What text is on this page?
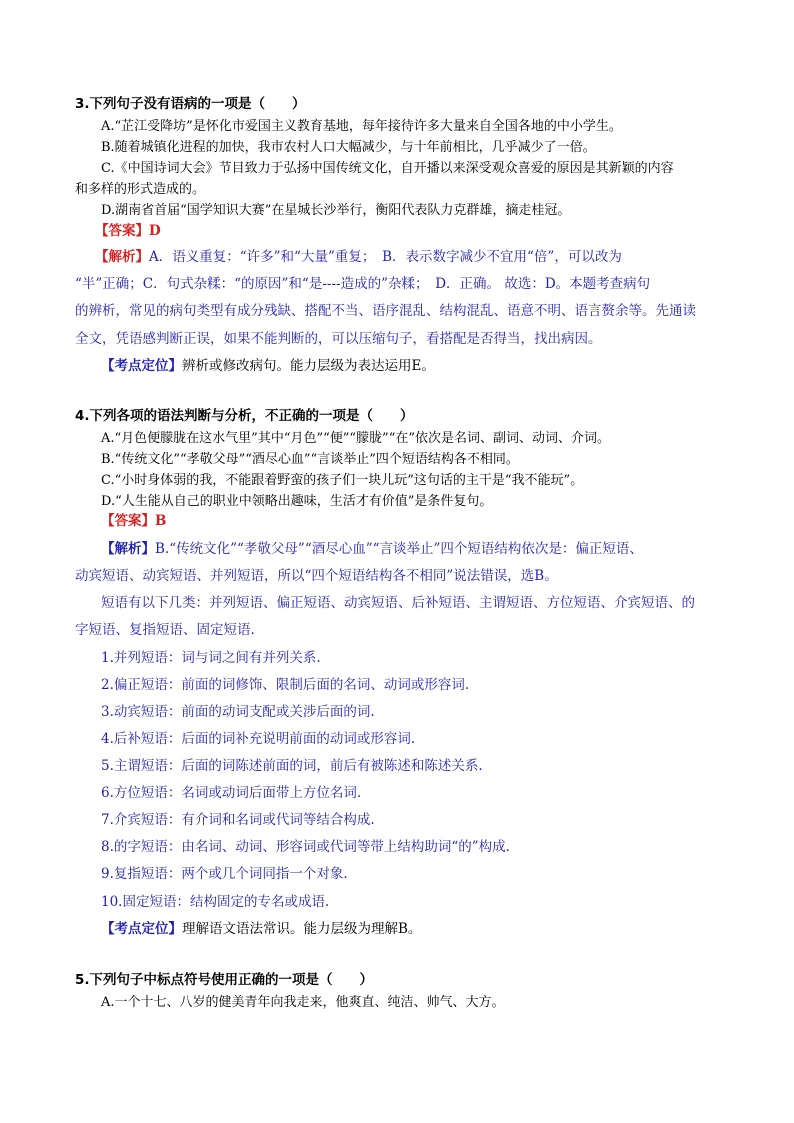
3.下列句子没有语病的一项是（　　）
A.“芷江受降坊”是怀化市爱国主义教育基地，每年接待许多大量来自全国各地的中小学生。
B.随着城镇化进程的加快，我市农村人口大幅减少，与十年前相比，几乎减少了一倍。
C.《中国诗词大会》节目致力于弘扬中国传统文化，自开播以来深受观众喜爱的原因是其新颖的内容
和多样的形式造成的。
D.湖南省首届“国学知识大赛”在星城长沙举行，衡阳代表队力克群雄，摘走桂冠。
【答案】D
【解析】A．语义重复：“许多”和“大量”重复；　B．表示数字减少不宜用“倍”，可以改为
“半”正确；C．句式杂糅：“的原因”和“是----造成的”杂糅；　D．正确。 故选：D。本题考查病句
的辨析，常见的病句类型有成分残缺、搭配不当、语序混乱、结构混乱、语意不明、语言赘余等。先通读
全文，凭语感判断正误，如果不能判断的，可以压缩句子，看搭配是否得当，找出病因。
【考点定位】辨析或修改病句。能力层级为表达运用E。
4.下列各项的语法判断与分析，不正确的一项是（　　）
A.“月色便朦胧在这水气里”其中“月色”“便”“朦胧”“在”依次是名词、副词、动词、介词。
B.“传统文化”“孝敬父母”“酒尽心血”“言谈举止”四个短语结构各不相同。
C.“小时身体弱的我，不能跟着野蛮的孩子们一块儿玩”这句话的主干是“我不能玩”。
D.“人生能从自己的职业中领略出趣味，生活才有价值”是条件复句。
【答案】B
【解析】B.“传统文化”“孝敬父母”“酒尽心血”“言谈举止”四个短语结构依次是：偏正短语、
动宾短语、动宾短语、并列短语，所以“四个短语结构各不相同”说法错误，选B。
短语有以下几类：并列短语、偏正短语、动宾短语、后补短语、主谓短语、方位短语、介宾短语、的
字短语、复指短语、固定短语.
1.并列短语：词与词之间有并列关系.
2.偏正短语：前面的词修饰、限制后面的名词、动词或形容词.
3.动宾短语：前面的动词支配或关涉后面的词.
4.后补短语：后面的词补充说明前面的动词或形容词.
5.主谓短语：后面的词陈述前面的词，前后有被陈述和陈述关系.
6.方位短语：名词或动词后面带上方位名词.
7.介宾短语：有介词和名词或代词等结合构成.
8.的字短语：由名词、动词、形容词或代词等带上结构助词“的”构成.
9.复指短语：两个或几个词同指一个对象.
10.固定短语：结构固定的专名或成语.
【考点定位】理解语文语法常识。能力层级为理解B。
5.下列句子中标点符号使用正确的一项是（　　）
A.一个十七、八岁的健美青年向我走来，他爽直、纯洁、帅气、大方。
